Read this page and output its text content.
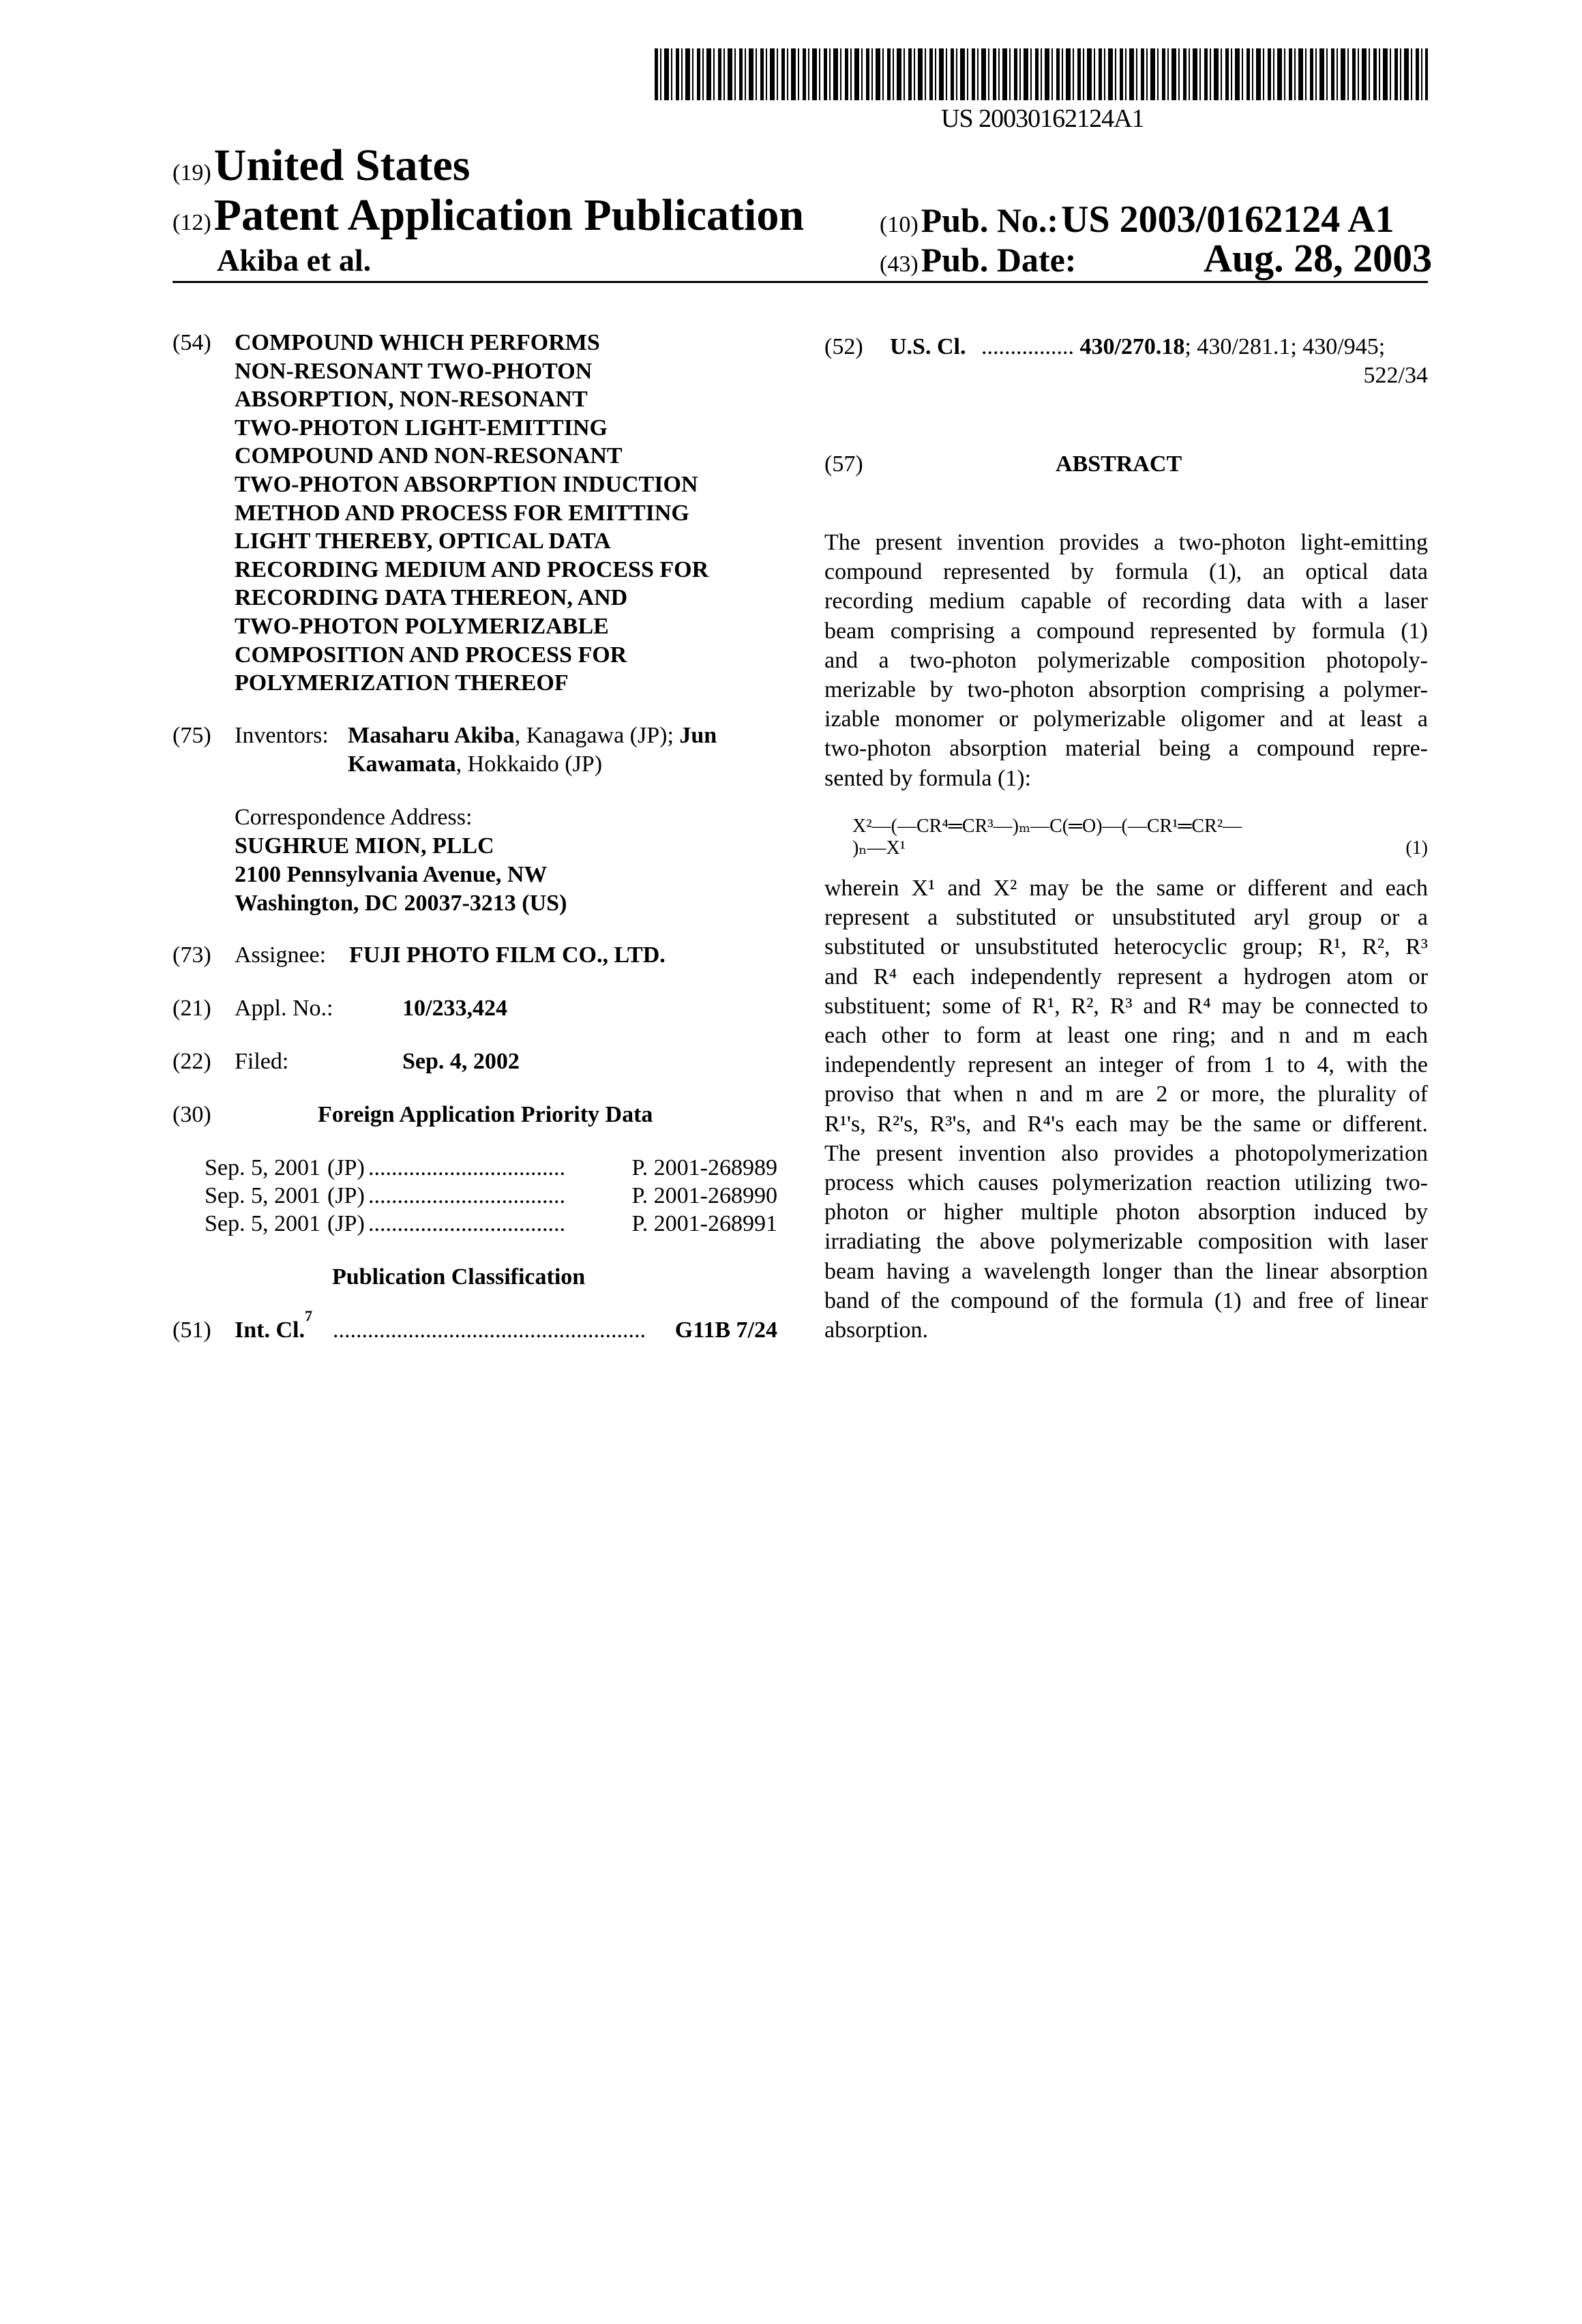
US 20030162124A1
(19) United States
(12) Patent Application Publication
Akiba et al.
(10) Pub. No.: US 2003/0162124 A1
(43) Pub. Date:	Aug. 28, 2003
(54) COMPOUND WHICH PERFORMS
NON-RESONANT TWO-PHOTON
ABSORPTION, NON-RESONANT
TWO-PHOTON LIGHT-EMITTING
COMPOUND AND NON-RESONANT
TWO-PHOTON ABSORPTION INDUCTION
METHOD AND PROCESS FOR EMITTING
LIGHT THEREBY, OPTICAL DATA
RECORDING MEDIUM AND PROCESS FOR
RECORDING DATA THEREON, AND
TWO-PHOTON POLYMERIZABLE
COMPOSITION AND PROCESS FOR
POLYMERIZATION THEREOF
(75) Inventors: Masaharu Akiba, Kanagawa (JP); Jun
Kawamata, Hokkaido (JP)
Correspondence Address:
SUGHRUE MION, PLLC
2100 Pennsylvania Avenue, NW
Washington, DC 20037-3213 (US)
(73) Assignee: FUJI PHOTO FILM CO., LTD.
(21) Appl. No.:	10/233,424
(22) Filed:	Sep. 4, 2002
(30)	Foreign Application Priority Data
Sep. 5, 2001 (JP) ..................................	P. 2001-268989
Sep. 5, 2001 (JP) ..................................	P. 2001-268990
Sep. 5, 2001 (JP) ..................................	P. 2001-268991
Publication Classification
(51) Int. Cl.
7
......................................................	G11B 7/24
(52) U.S. Cl. ................ 430/270.18; 430/281.1; 430/945;
522/34
(57)	ABSTRACT
The present invention provides a two-photon light-emitting
compound represented by formula (1), an optical data
recording medium capable of recording data with a laser
beam comprising a compound represented by formula (1)
and a two-photon polymerizable composition photopoly-
merizable by two-photon absorption comprising a polymer-
izable monomer or polymerizable oligomer and at least a
two-photon absorption material being a compound repre-
sented by formula (1):
X²—(—CR⁴═CR³—)ₘ—C(═O)—(—CR¹═CR²—
)ₙ—X¹	(1)
wherein X¹ and X² may be the same or different and each
represent a substituted or unsubstituted aryl group or a
substituted or unsubstituted heterocyclic group; R¹, R², R³
and R⁴ each independently represent a hydrogen atom or
substituent; some of R¹, R², R³ and R⁴ may be connected to
each other to form at least one ring; and n and m each
independently represent an integer of from 1 to 4, with the
proviso that when n and m are 2 or more, the plurality of
R¹'s, R²'s, R³'s, and R⁴'s each may be the same or different.
The present invention also provides a photopolymerization
process which causes polymerization reaction utilizing two-
photon or higher multiple photon absorption induced by
irradiating the above polymerizable composition with laser
beam having a wavelength longer than the linear absorption
band of the compound of the formula (1) and free of linear
absorption.
